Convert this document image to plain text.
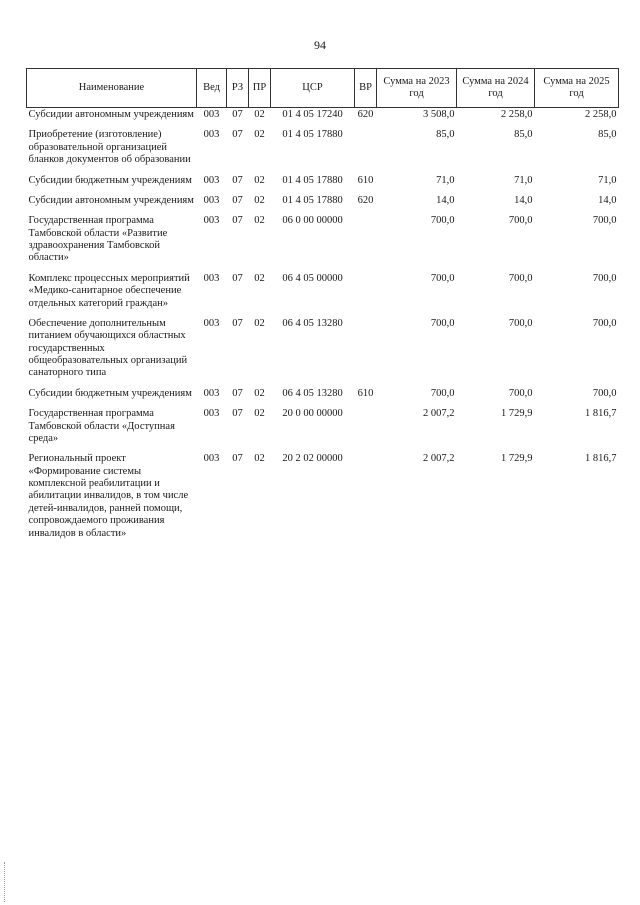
94
Наименование	Вед	РЗ	ПР	ЦСР	ВР	Сумма на 2023 год	Сумма на 2024 год	Сумма на 2025 год
Субсидии автономным учреждениям	003	07	02	01 4 05 17240	620	3 508,0	2 258,0	2 258,0
Приобретение (изготовление) образовательной организацией бланков документов об образовании	003	07	02	01 4 05 17880		85,0	85,0	85,0
Субсидии бюджетным учреждениям	003	07	02	01 4 05 17880	610	71,0	71,0	71,0
Субсидии автономным учреждениям	003	07	02	01 4 05 17880	620	14,0	14,0	14,0
Государственная программа Тамбовской области «Развитие здравоохранения Тамбовской области»	003	07	02	06 0 00 00000		700,0	700,0	700,0
Комплекс процессных мероприятий «Медико-санитарное обеспечение отдельных категорий граждан»	003	07	02	06 4 05 00000		700,0	700,0	700,0
Обеспечение дополнительным питанием обучающихся областных государственных общеобразовательных организаций санаторного типа	003	07	02	06 4 05 13280		700,0	700,0	700,0
Субсидии бюджетным учреждениям	003	07	02	06 4 05 13280	610	700,0	700,0	700,0
Государственная программа Тамбовской области «Доступная среда»	003	07	02	20 0 00 00000		2 007,2	1 729,9	1 816,7
Региональный проект «Формирование системы комплексной реабилитации и абилитации инвалидов, в том числе детей-инвалидов, ранней помощи, сопровождаемого проживания инвалидов в области»	003	07	02	20 2 02 00000		2 007,2	1 729,9	1 816,7
